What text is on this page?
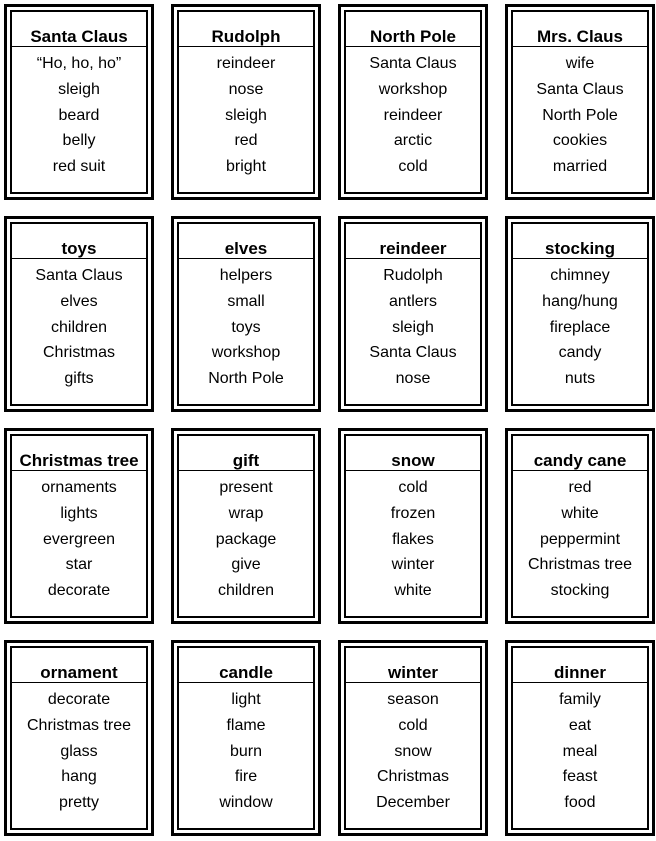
Santa Claus
“Ho, ho, ho”
sleigh
beard
belly
red suit
Rudolph
reindeer
nose
sleigh
red
bright
North Pole
Santa Claus
workshop
reindeer
arctic
cold
Mrs. Claus
wife
Santa Claus
North Pole
cookies
married
toys
Santa Claus
elves
children
Christmas
gifts
elves
helpers
small
toys
workshop
North Pole
reindeer
Rudolph
antlers
sleigh
Santa Claus
nose
stocking
chimney
hang/hung
fireplace
candy
nuts
Christmas tree
ornaments
lights
evergreen
star
decorate
gift
present
wrap
package
give
children
snow
cold
frozen
flakes
winter
white
candy cane
red
white
peppermint
Christmas tree
stocking
ornament
decorate
Christmas tree
glass
hang
pretty
candle
light
flame
burn
fire
window
winter
season
cold
snow
Christmas
December
dinner
family
eat
meal
feast
food
